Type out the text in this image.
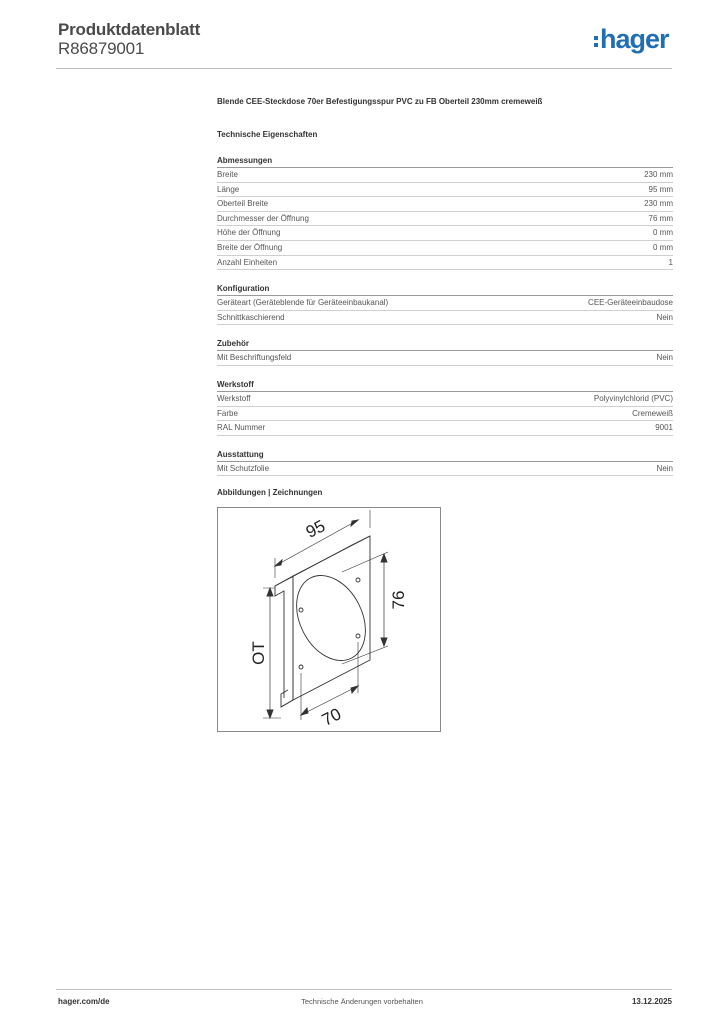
Produktdatenblatt
R86879001	hager
Blende CEE-Steckdose 70er Befestigungsspur PVC zu FB Oberteil 230mm cremeweiß
Technische Eigenschaften
Abmessungen
Breite	230 mm
Länge	95 mm
Oberteil Breite	230 mm
Durchmesser der Öffnung	76 mm
Höhe der Öffnung	0 mm
Breite der Öffnung	0 mm
Anzahl Einheiten	1
Konfiguration
Geräteart (Geräteblende für Geräteeinbaukanal)	CEE-Geräteeinbaudose
Schnittkaschierend	Nein
Zubehör
Mit Beschriftungsfeld	Nein
Werkstoff
Werkstoff	Polyvinylchlorid (PVC)
Farbe	Cremeweiß
RAL Nummer	9001
Ausstattung
Mit Schutzfolie	Nein
Abbildungen | Zeichnungen
95
76
OT
70
hager.com/de	Technische Änderungen vorbehalten	13.12.2025
